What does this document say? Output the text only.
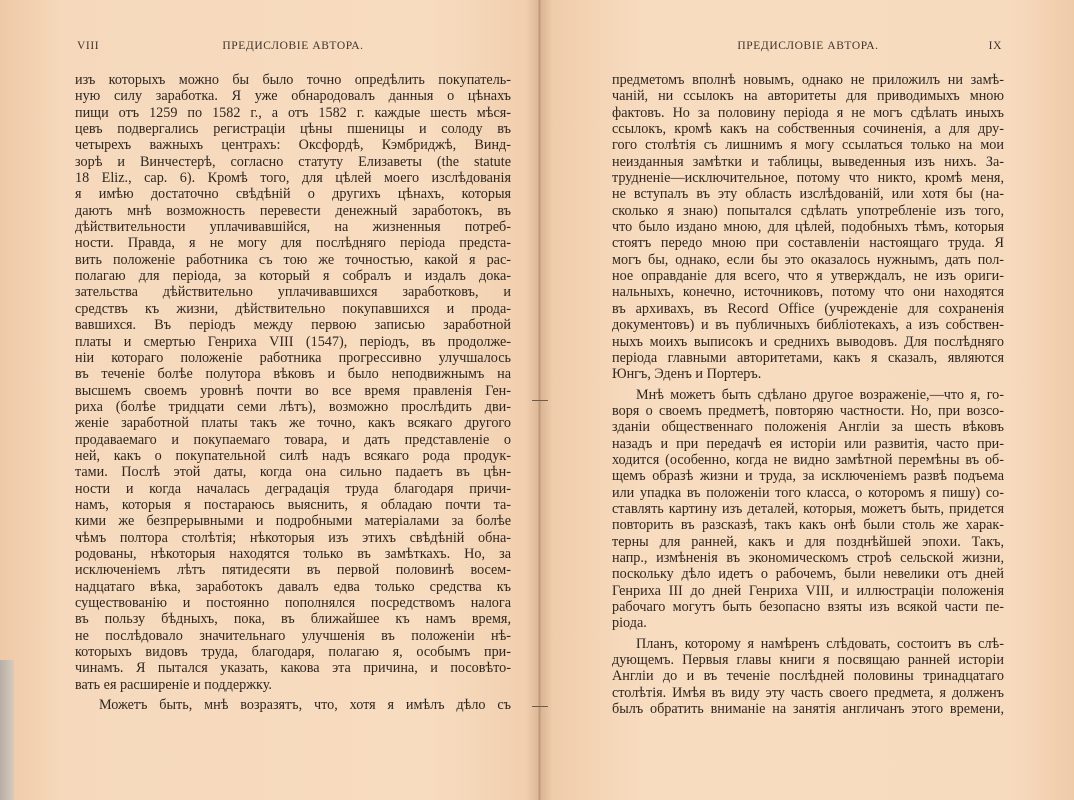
VIII	ПРЕДИСЛОВІЕ АВТОРА.
изъ которыхъ можно бы было точно опредѣлить покупатель-
ную силу заработка. Я уже обнародовалъ данныя о цѣнахъ
пищи отъ 1259 по 1582 г., а отъ 1582 г. каждые шесть мѣся-
цевъ подвергались регистраціи цѣны пшеницы и солоду въ
четырехъ важныхъ центрахъ: Оксфордѣ, Кэмбриджѣ, Винд-
зорѣ и Винчестерѣ, согласно статуту Елизаветы (the statute
18 Eliz., cap. 6). Кромѣ того, для цѣлей моего изслѣдованія
я имѣю достаточно свѣдѣній о другихъ цѣнахъ, которыя
даютъ мнѣ возможность перевести денежный заработокъ, въ
дѣйствительности уплачивавшійся, на жизненныя потреб-
ности. Правда, я не могу для послѣдняго періода предста-
вить положеніе работника съ тою же точностью, какой я рас-
полагаю для періода, за который я собралъ и издалъ дока-
зательства дѣйствительно уплачивавшихся заработковъ, и
средствъ къ жизни, дѣйствительно покупавшихся и прода-
вавшихся. Въ періодъ между первою записью заработной
платы и смертью Генриха VIII (1547), періодъ, въ продолже-
ніи котораго положеніе работника прогрессивно улучшалось
въ теченіе болѣе полутора вѣковъ и было неподвижнымъ на
высшемъ своемъ уровнѣ почти во все время правленія Ген-
риха (болѣе тридцати семи лѣтъ), возможно прослѣдить дви-
женіе заработной платы такъ же точно, какъ всякаго другого
продаваемаго и покупаемаго товара, и дать представленіе о
ней, какъ о покупательной силѣ надъ всякаго рода продук-
тами. Послѣ этой даты, когда она сильно падаетъ въ цѣн-
ности и когда началась деградація труда благодаря причи-
намъ, которыя я постараюсь выяснить, я обладаю почти та-
кими же безпрерывными и подробными матеріалами за болѣе
чѣмъ полтора столѣтія; нѣкоторыя изъ этихъ свѣдѣній обна-
родованы, нѣкоторыя находятся только въ замѣткахъ. Но, за
исключеніемъ лѣтъ пятидесяти въ первой половинѣ восем-
надцатаго вѣка, заработокъ давалъ едва только средства къ
существованію и постоянно пополнялся посредствомъ налога
въ пользу бѣдныхъ, пока, въ ближайшее къ намъ время,
не послѣдовало значительнаго улучшенія въ положеніи нѣ-
которыхъ видовъ труда, благодаря, полагаю я, особымъ при-
чинамъ. Я пытался указать, какова эта причина, и посовѣто-
вать ея расширеніе и поддержку.
Можетъ быть, мнѣ возразятъ, что, хотя я имѣлъ дѣло съ
ПРЕДИСЛОВІЕ АВТОРА.	IX
предметомъ вполнѣ новымъ, однако не приложилъ ни замѣ-
чаній, ни ссылокъ на авторитеты для приводимыхъ мною
фактовъ. Но за половину періода я не могъ сдѣлать иныхъ
ссылокъ, кромѣ какъ на собственныя сочиненія, а для дру-
гого столѣтія съ лишнимъ я могу ссылаться только на мои
неизданныя замѣтки и таблицы, выведенныя изъ нихъ. За-
трудненіе—исключительное, потому что никто, кромѣ меня,
не вступалъ въ эту область изслѣдованій, или хотя бы (на-
сколько я знаю) попытался сдѣлать употребленіе изъ того,
что было издано мною, для цѣлей, подобныхъ тѣмъ, которыя
стоятъ передо мною при составленіи настоящаго труда. Я
могъ бы, однако, если бы это оказалось нужнымъ, дать пол-
ное оправданіе для всего, что я утверждалъ, не изъ ориги-
нальныхъ, конечно, источниковъ, потому что они находятся
въ архивахъ, въ Record Office (учрежденіе для сохраненія
документовъ) и въ публичныхъ библіотекахъ, а изъ собствен-
ныхъ моихъ выписокъ и среднихъ выводовъ. Для послѣдняго
періода главными авторитетами, какъ я сказалъ, являются
Юнгъ, Эденъ и Портеръ.
Мнѣ можетъ быть сдѣлано другое возраженіе,—что я, го-
воря о своемъ предметѣ, повторяю частности. Но, при возсо-
зданіи общественнаго положенія Англіи за шесть вѣковъ
назадъ и при передачѣ ея исторіи или развитія, часто при-
ходится (особенно, когда не видно замѣтной перемѣны въ об-
щемъ образѣ жизни и труда, за исключеніемъ развѣ подъема
или упадка въ положеніи того класса, о которомъ я пишу) со-
ставлять картину изъ деталей, которыя, можетъ быть, придется
повторить въ разсказѣ, такъ какъ онѣ были столь же харак-
терны для ранней, какъ и для позднѣйшей эпохи. Такъ,
напр., измѣненія въ экономическомъ строѣ сельской жизни,
поскольку дѣло идетъ о рабочемъ, были невелики отъ дней
Генриха III до дней Генриха VIII, и иллюстраціи положенія
рабочаго могутъ быть безопасно взяты изъ всякой части пе-
ріода.
Планъ, которому я намѣренъ слѣдовать, состоитъ въ слѣ-
дующемъ. Первыя главы книги я посвящаю ранней исторіи
Англіи до и въ теченіе послѣдней половины тринадцатаго
столѣтія. Имѣя въ виду эту часть своего предмета, я долженъ
былъ обратить вниманіе на занятія англичанъ этого времени,
